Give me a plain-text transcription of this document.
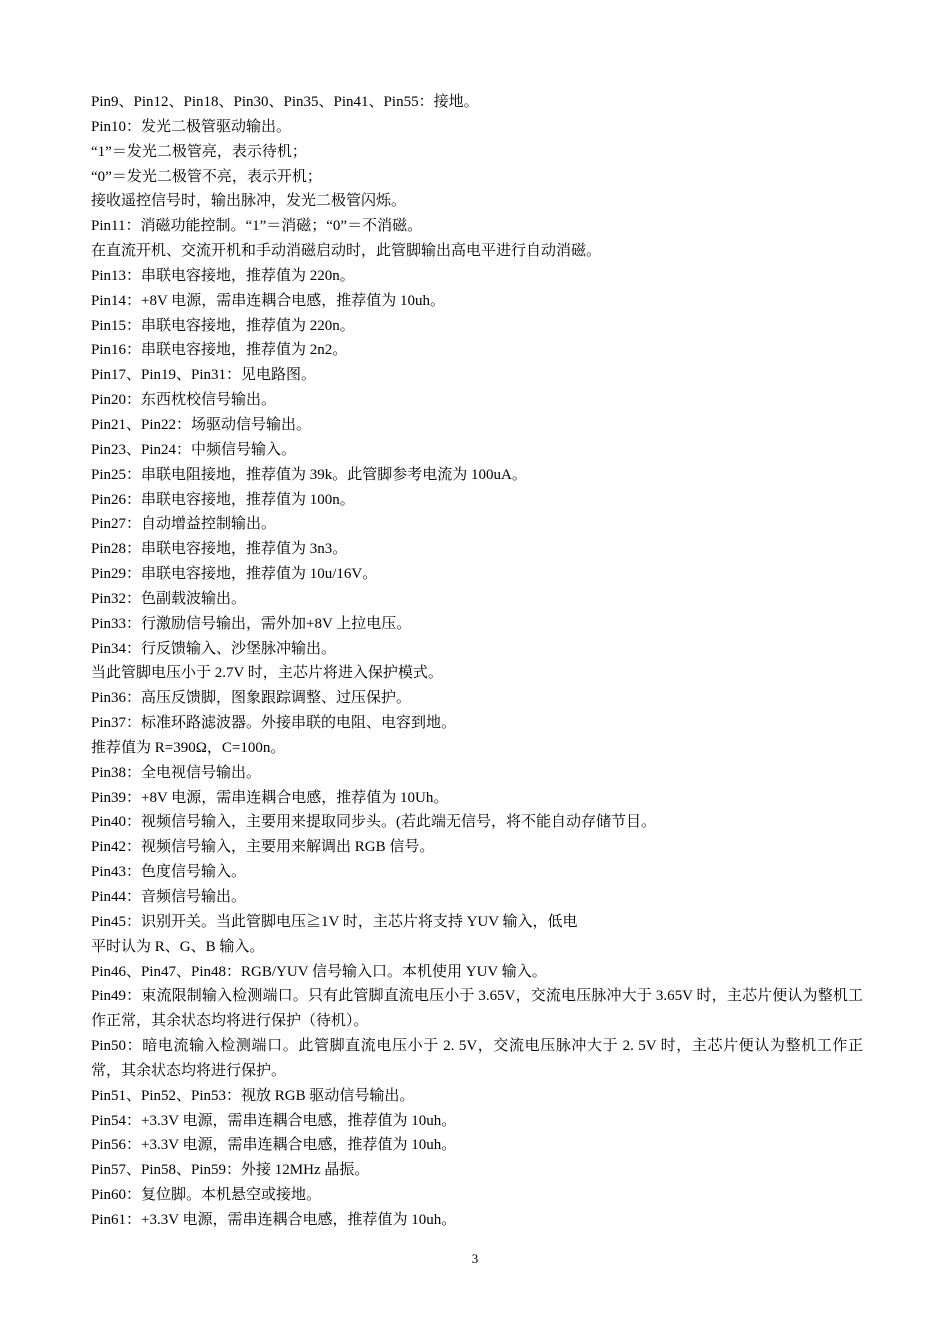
Pin9、Pin12、Pin18、Pin30、Pin35、Pin41、Pin55：接地。
Pin10：发光二极管驱动输出。
“1”＝发光二极管亮，表示待机；
“0”＝发光二极管不亮，表示开机；
接收遥控信号时，输出脉冲，发光二极管闪烁。
Pin11：消磁功能控制。“1”＝消磁；“0”＝不消磁。
在直流开机、交流开机和手动消磁启动时，此管脚输出高电平进行自动消磁。
Pin13：串联电容接地，推荐值为 220n。
Pin14：+8V 电源，需串连耦合电感，推荐值为 10uh。
Pin15：串联电容接地，推荐值为 220n。
Pin16：串联电容接地，推荐值为 2n2。
Pin17、Pin19、Pin31：见电路图。
Pin20：东西枕校信号输出。
Pin21、Pin22：场驱动信号输出。
Pin23、Pin24：中频信号输入。
Pin25：串联电阻接地，推荐值为 39k。此管脚参考电流为 100uA。
Pin26：串联电容接地，推荐值为 100n。
Pin27：自动增益控制输出。
Pin28：串联电容接地，推荐值为 3n3。
Pin29：串联电容接地，推荐值为 10u/16V。
Pin32：色副载波输出。
Pin33：行激励信号输出，需外加+8V 上拉电压。
Pin34：行反馈输入、沙堡脉冲输出。
当此管脚电压小于 2.7V 时，主芯片将进入保护模式。
Pin36：高压反馈脚，图象跟踪调整、过压保护。
Pin37：标准环路滤波器。外接串联的电阻、电容到地。
推荐值为 R=390Ω，C=100n。
Pin38：全电视信号输出。
Pin39：+8V 电源，需串连耦合电感，推荐值为 10Uh。
Pin40：视频信号输入，主要用来提取同步头。(若此端无信号，将不能自动存储节目。
Pin42：视频信号输入，主要用来解调出 RGB 信号。
Pin43：色度信号输入。
Pin44：音频信号输出。
Pin45：识别开关。当此管脚电压≧1V 时，主芯片将支持 YUV 输入，低电
平时认为 R、G、B 输入。
Pin46、Pin47、Pin48：RGB/YUV 信号输入口。本机使用 YUV 输入。
Pin49：束流限制输入检测端口。只有此管脚直流电压小于 3.65V，交流电压脉冲大于 3.65V 时，主芯片便认为整机工作正常，其余状态均将进行保护（待机）。
Pin50：暗电流输入检测端口。此管脚直流电压小于 2. 5V，交流电压脉冲大于 2. 5V 时，主芯片便认为整机工作正常，其余状态均将进行保护。
Pin51、Pin52、Pin53：视放 RGB 驱动信号输出。
Pin54：+3.3V 电源，需串连耦合电感，推荐值为 10uh。
Pin56：+3.3V 电源，需串连耦合电感，推荐值为 10uh。
Pin57、Pin58、Pin59：外接 12MHz 晶振。
Pin60：复位脚。本机悬空或接地。
Pin61：+3.3V 电源，需串连耦合电感，推荐值为 10uh。
3
